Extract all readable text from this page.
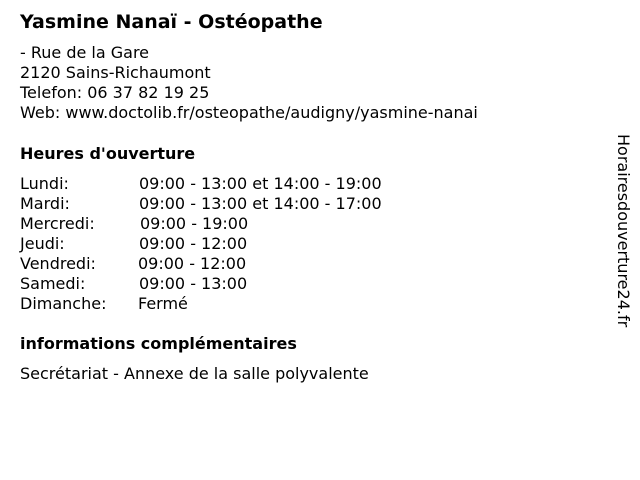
Yasmine Nanaï - Ostéopathe
- Rue de la Gare
2120 Sains-Richaumont
Telefon: 06 37 82 19 25
Web: www.doctolib.fr/osteopathe/audigny/yasmine-nanai
Heures d'ouverture
Lundi:	09:00 - 13:00 et 14:00 - 19:00
Mardi:	09:00 - 13:00 et 14:00 - 17:00
Mercredi:	09:00 - 19:00
Jeudi:	09:00 - 12:00
Vendredi:	09:00 - 12:00
Samedi:	09:00 - 13:00
Dimanche: Fermé
informations complémentaires
Secrétariat - Annexe de la salle polyvalente
Horairesdouverture24.fr
